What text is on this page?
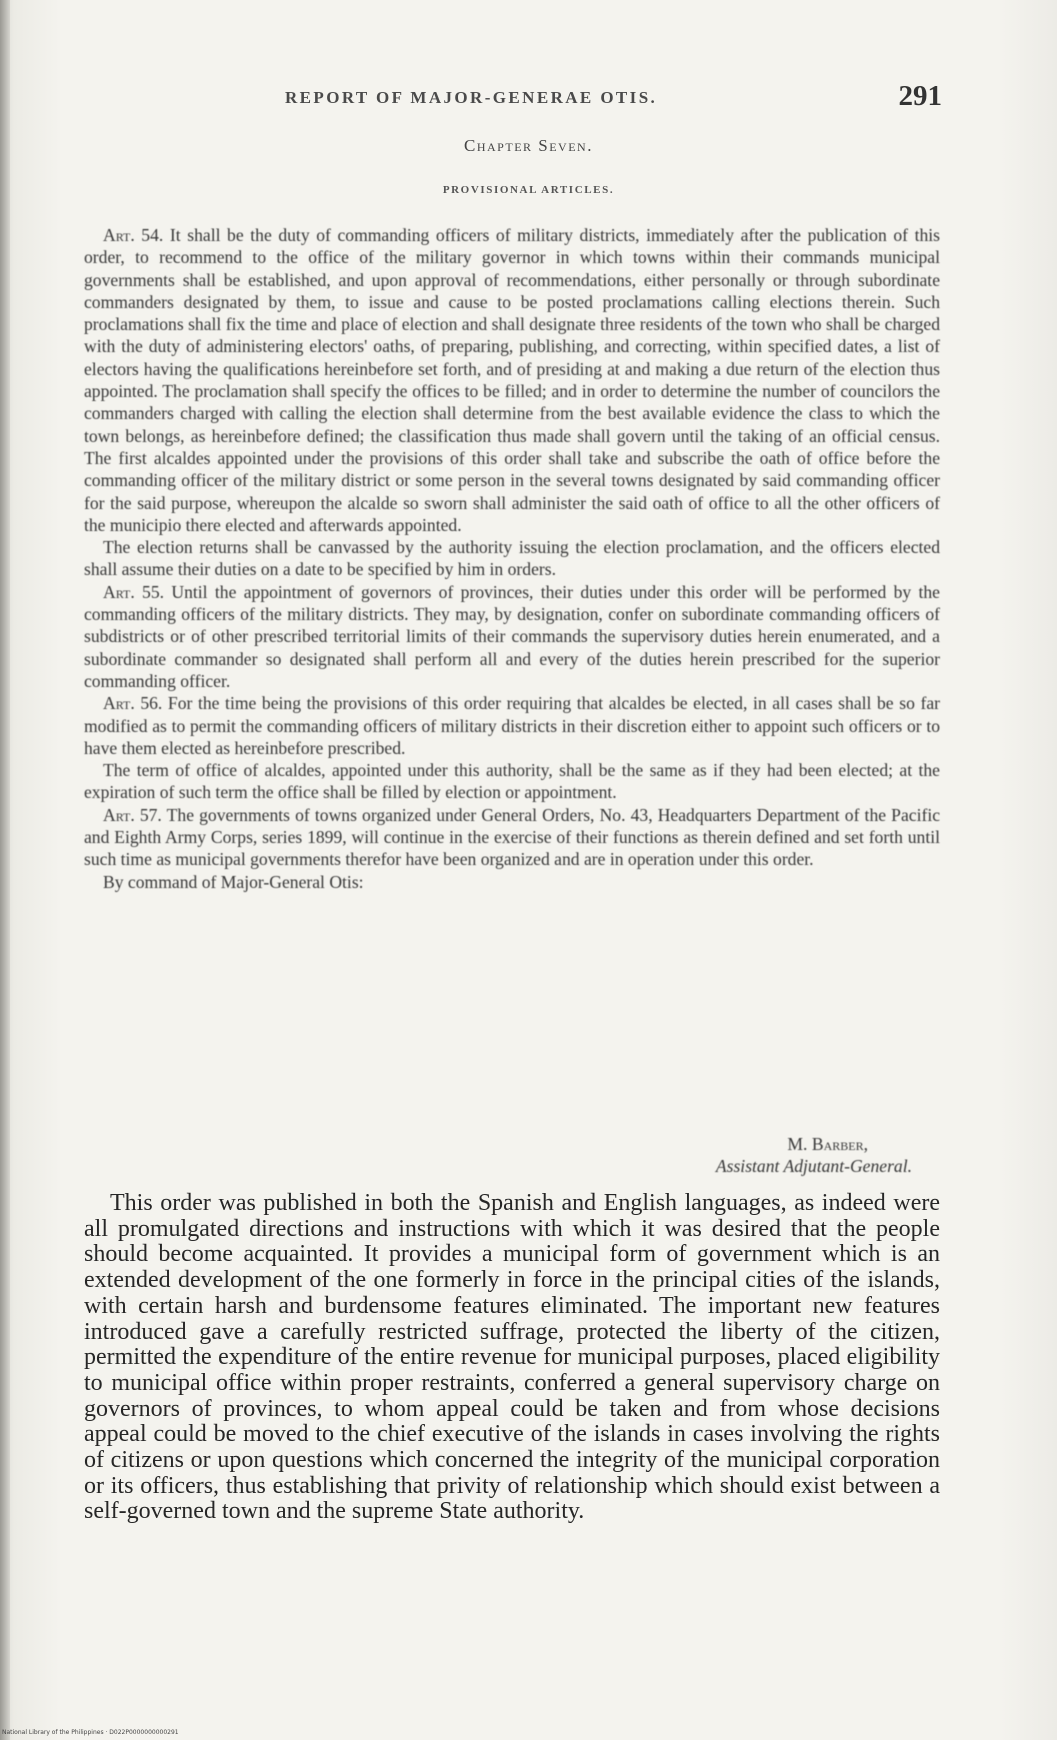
REPORT OF MAJOR-GENERAE OTIS.	291
Chapter Seven.
PROVISIONAL ARTICLES.

Art. 54. It shall be the duty of commanding officers of military districts, immediately after the publication of this order, to recommend to the office of the military governor in which towns within their commands municipal governments shall be established, and upon approval of recommendations, either personally or through subordinate commanders designated by them, to issue and cause to be posted proclamations calling elections therein. Such proclamations shall fix the time and place of election and shall designate three residents of the town who shall be charged with the duty of administering electors' oaths, of preparing, publishing, and correcting, within specified dates, a list of electors having the qualifications hereinbefore set forth, and of presiding at and making a due return of the election thus appointed. The proclamation shall specify the offices to be filled; and in order to determine the number of councilors the commanders charged with calling the election shall determine from the best available evidence the class to which the town belongs, as hereinbefore defined; the classification thus made shall govern until the taking of an official census. The first alcaldes appointed under the provisions of this order shall take and subscribe the oath of office before the commanding officer of the military district or some person in the several towns designated by said commanding officer for the said purpose, whereupon the alcalde so sworn shall administer the said oath of office to all the other officers of the municipio there elected and afterwards appointed.

The election returns shall be canvassed by the authority issuing the election proclamation, and the officers elected shall assume their duties on a date to be specified by him in orders.

Art. 55. Until the appointment of governors of provinces, their duties under this order will be performed by the commanding officers of the military districts. They may, by designation, confer on subordinate commanding officers of subdistricts or of other prescribed territorial limits of their commands the supervisory duties herein enumerated, and a subordinate commander so designated shall perform all and every of the duties herein prescribed for the superior commanding officer.

Art. 56. For the time being the provisions of this order requiring that alcaldes be elected, in all cases shall be so far modified as to permit the commanding officers of military districts in their discretion either to appoint such officers or to have them elected as hereinbefore prescribed.

The term of office of alcaldes, appointed under this authority, shall be the same as if they had been elected; at the expiration of such term the office shall be filled by election or appointment.

Art. 57. The governments of towns organized under General Orders, No. 43, Headquarters Department of the Pacific and Eighth Army Corps, series 1899, will continue in the exercise of their functions as therein defined and set forth until such time as municipal governments therefor have been organized and are in operation under this order.

By command of Major-General Otis:

M. Barber,
Assistant Adjutant-General.

This order was published in both the Spanish and English languages, as indeed were all promulgated directions and instructions with which it was desired that the people should become acquainted. It provides a municipal form of government which is an extended development of the one formerly in force in the principal cities of the islands, with certain harsh and burdensome features eliminated. The important new features introduced gave a carefully restricted suffrage, protected the liberty of the citizen, permitted the expenditure of the entire revenue for municipal purposes, placed eligibility to municipal office within proper restraints, conferred a general supervisory charge on governors of provinces, to whom appeal could be taken and from whose decisions appeal could be moved to the chief executive of the islands in cases involving the rights of citizens or upon questions which concerned the integrity of the municipal corporation or its officers, thus establishing that privity of relationship which should exist between a self-governed town and the supreme State authority.

National Library of the Philippines · D022P0000000000291
